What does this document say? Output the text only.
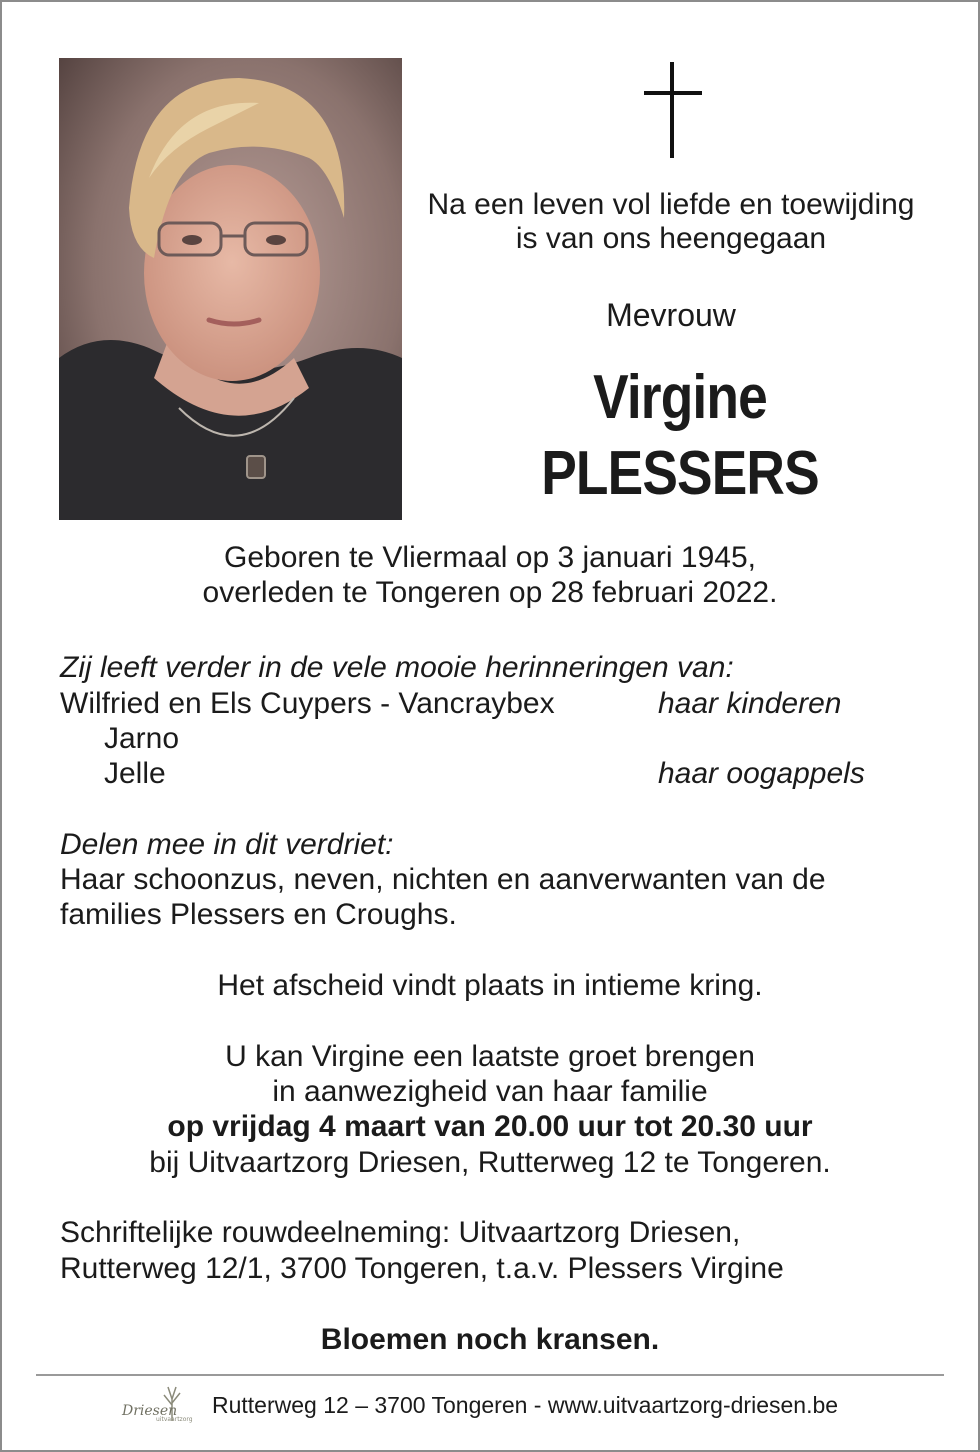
Na een leven vol liefde en toewijding
is van ons heengegaan
Mevrouw
Virgine PLESSERS
Geboren te Vliermaal op 3 januari 1945,
overleden te Tongeren op 28 februari 2022.
Zij leeft verder in de vele mooie herinneringen van:
Wilfried en Els Cuypers - Vancraybex	haar kinderen
Jarno
Jelle	haar oogappels
Delen mee in dit verdriet:
Haar schoonzus, neven, nichten en aanverwanten van de
families Plessers en Croughs.
Het afscheid vindt plaats in intieme kring.
U kan Virgine een laatste groet brengen
in aanwezigheid van haar familie
op vrijdag 4 maart van 20.00 uur tot 20.30 uur
bij Uitvaartzorg Driesen, Rutterweg 12 te Tongeren.
Schriftelijke rouwdeelneming: Uitvaartzorg Driesen,
Rutterweg 12/1, 3700 Tongeren, t.a.v. Plessers Virgine
Bloemen noch kransen.
Driesen
uitvaartzorg
Rutterweg 12 – 3700 Tongeren - www.uitvaartzorg-driesen.be
